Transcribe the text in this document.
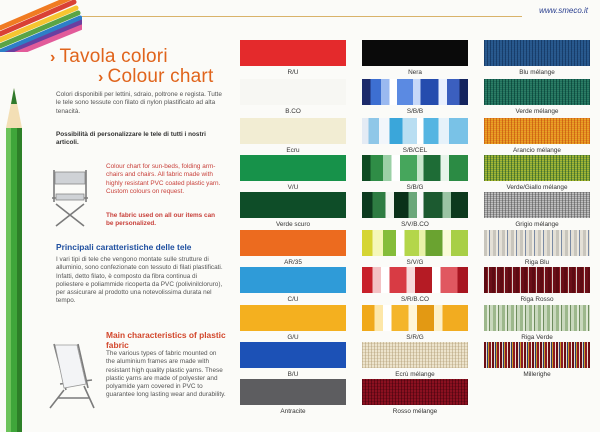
www.smeco.it
› Tavola colori
› Colour chart
Colori disponibili per lettini, sdraio, poltrone e regista. Tutte le tele sono tessute con filato di nylon plastificato ad alta tenacità.
Possibilità di personalizzare le tele di tutti i nostri articoli.
Colour chart for sun-beds, folding arm-chairs and chairs. All fabric made with highly resistant PVC coated plastic yarn. Custom colours on request.
The fabric used on all our items can be personalized.
Principali caratteristiche delle tele
I vari tipi di tele che vengono montate sulle strutture di alluminio, sono confezionate con tessuto di filati plastificati. Infatti, detto filato, è composto da fibra continua di poliestere e poliammide ricoperta da PVC (polivinilcloruro), per assicurare al prodotto una notevolissima durata nel tempo.
Main characteristics of plastic fabric
The various types of fabric mounted on the aluminium frames are made with resistant high quality plastic yarns. These plastic yarns are made of polyester and polyamide yarn covered in PVC to guarantee long lasting wear and durability.
R/U
B.CO
Ecru
V/U
Verde scuro
AR/35
C/U
G/U
B/U
Antracite
Nera
S/B/B
S/B/CEL
S/B/G
S/V/B.CO
S/V/G
S/R/B.CO
S/R/G
Ecrù mélange
Rosso mélange
Blu mélange
Verde mélange
Arancio mélange
Verde/Giallo mélange
Grigio mélange
Riga Blu
Riga Rosso
Riga Verde
Millerighe
